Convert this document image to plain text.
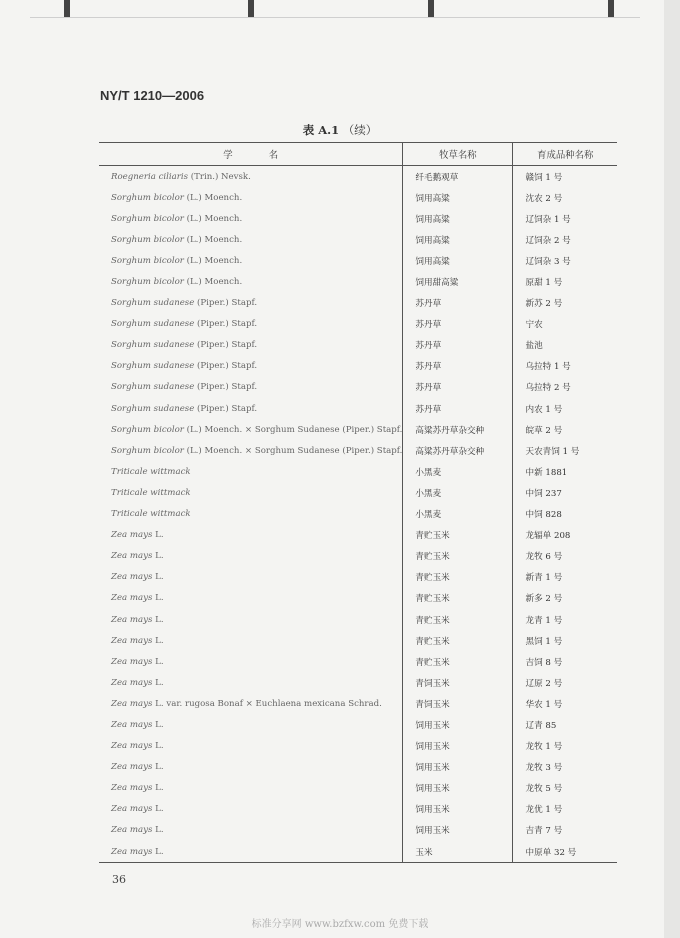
NY/T 1210—2006
表 A.1 （续）
学 名	牧草名称	育成品种名称
Roegneria ciliaris (Trin.) Nevsk.	纤毛鹅观草	赣饲 1 号
Sorghum bicolor (L.) Moench.	饲用高粱	沈农 2 号
Sorghum bicolor (L.) Moench.	饲用高粱	辽饲杂 1 号
Sorghum bicolor (L.) Moench.	饲用高粱	辽饲杂 2 号
Sorghum bicolor (L.) Moench.	饲用高粱	辽饲杂 3 号
Sorghum bicolor (L.) Moench.	饲用甜高粱	原甜 1 号
Sorghum sudanese (Piper.) Stapf.	苏丹草	新苏 2 号
Sorghum sudanese (Piper.) Stapf.	苏丹草	宁农
Sorghum sudanese (Piper.) Stapf.	苏丹草	盐池
Sorghum sudanese (Piper.) Stapf.	苏丹草	乌拉特 1 号
Sorghum sudanese (Piper.) Stapf.	苏丹草	乌拉特 2 号
Sorghum sudanese (Piper.) Stapf.	苏丹草	内农 1 号
Sorghum bicolor (L.) Moench. × Sorghum Sudanese (Piper.) Stapf.	高粱苏丹草杂交种	皖草 2 号
Sorghum bicolor (L.) Moench. × Sorghum Sudanese (Piper.) Stapf.	高粱苏丹草杂交种	天农青饲 1 号
Triticale wittmack	小黑麦	中新 1881
Triticale wittmack	小黑麦	中饲 237
Triticale wittmack	小黑麦	中饲 828
Zea mays L.	青贮玉米	龙辐单 208
Zea mays L.	青贮玉米	龙牧 6 号
Zea mays L.	青贮玉米	新青 1 号
Zea mays L.	青贮玉米	新多 2 号
Zea mays L.	青贮玉米	龙青 1 号
Zea mays L.	青贮玉米	黑饲 1 号
Zea mays L.	青贮玉米	吉饲 8 号
Zea mays L.	青饲玉米	辽原 2 号
Zea mays L. var. rugosa Bonaf × Euchlaena mexicana Schrad.	青饲玉米	华农 1 号
Zea mays L.	饲用玉米	辽青 85
Zea mays L.	饲用玉米	龙牧 1 号
Zea mays L.	饲用玉米	龙牧 3 号
Zea mays L.	饲用玉米	龙牧 5 号
Zea mays L.	饲用玉米	龙优 1 号
Zea mays L.	饲用玉米	吉青 7 号
Zea mays L.	玉米	中原单 32 号
36
标准分享网 www.bzfxw.com 免费下载
